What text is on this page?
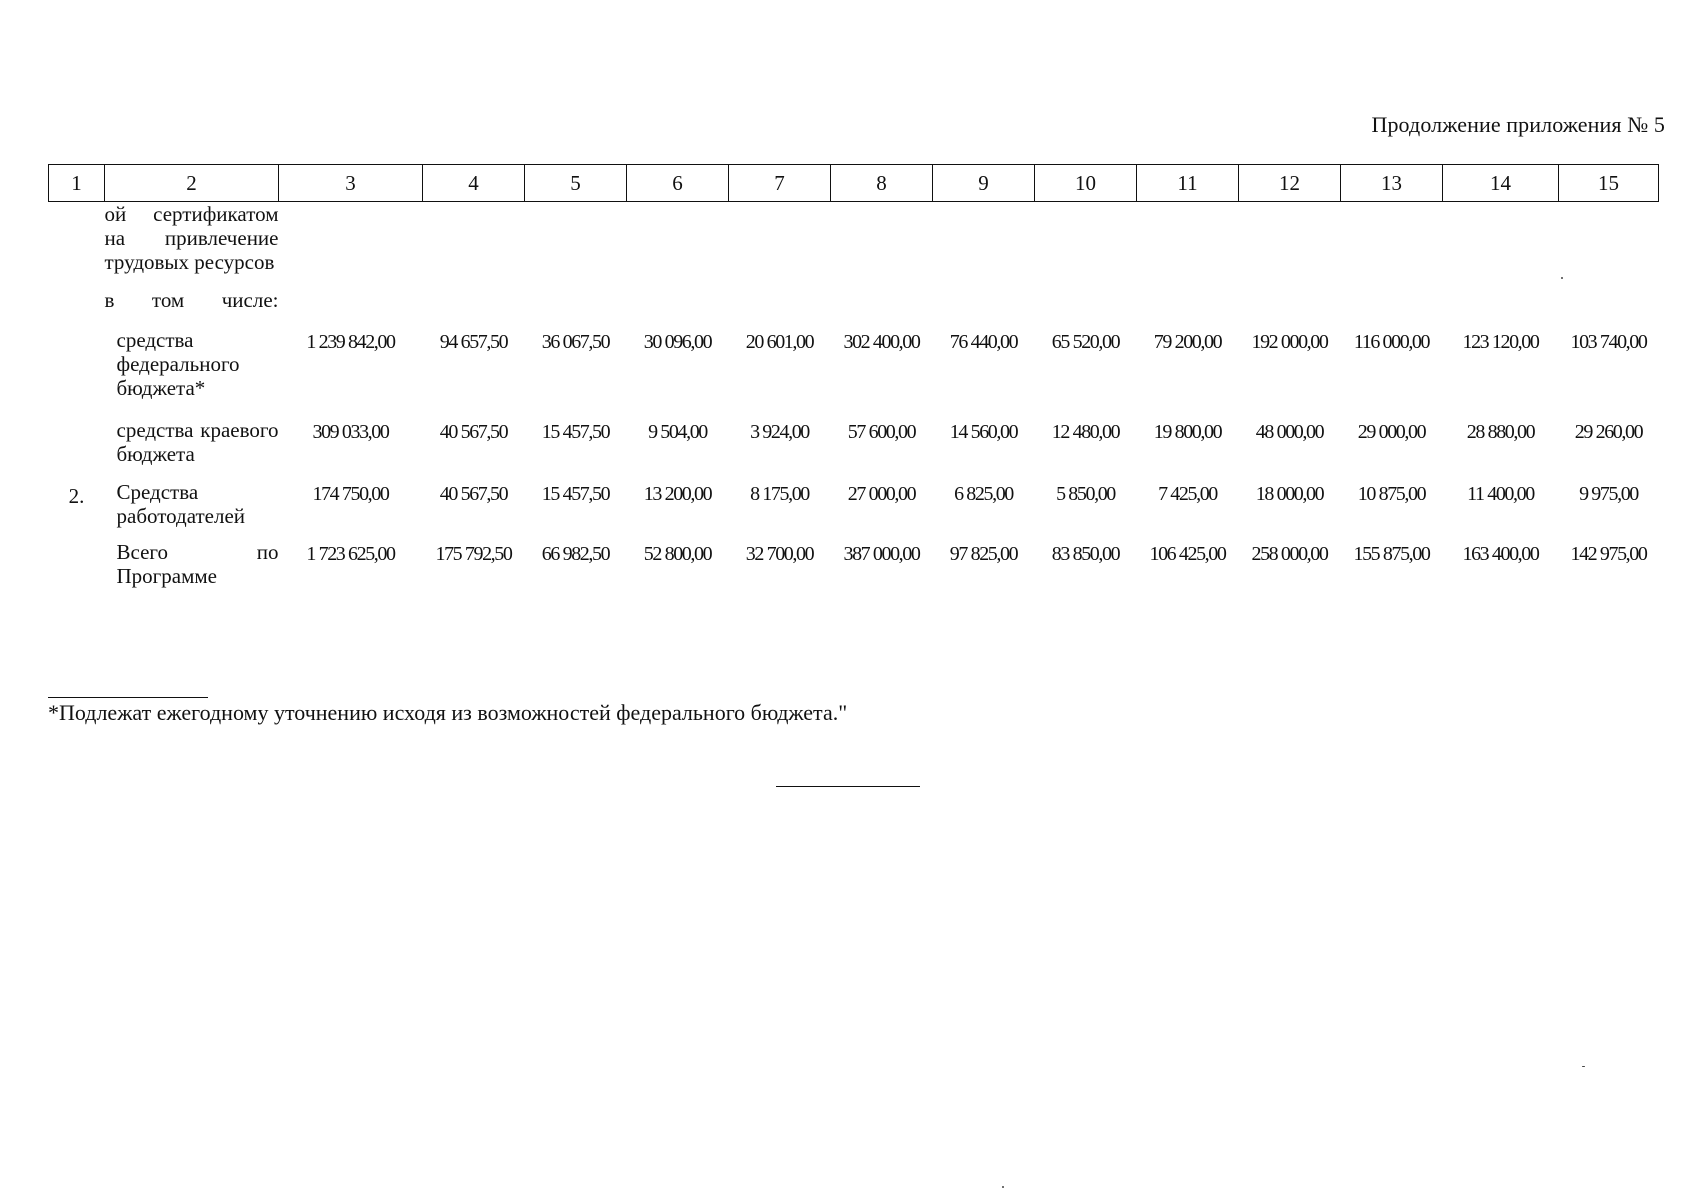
Продолжение приложения № 5
1	2	3	4	5	6	7	8	9	10	11	12	13	14	15

	ой сертификатом на привлечение трудовых ресурсов													

	в том числе:													

	средства федерального бюджета*	1 239 842,00	94 657,50	36 067,50	30 096,00	20 601,00	302 400,00	76 440,00	65 520,00	79 200,00	192 000,00	116 000,00	123 120,00	103 740,00

	средства краевого бюджета	309 033,00	40 567,50	15 457,50	9 504,00	3 924,00	57 600,00	14 560,00	12 480,00	19 800,00	48 000,00	29 000,00	28 880,00	29 260,00
2.	Средства работодателей	174 750,00	40 567,50	15 457,50	13 200,00	8 175,00	27 000,00	6 825,00	5 850,00	7 425,00	18 000,00	10 875,00	11 400,00	9 975,00

	Всего по Программе	1 723 625,00	175 792,50	66 982,50	52 800,00	32 700,00	387 000,00	97 825,00	83 850,00	106 425,00	258 000,00	155 875,00	163 400,00	142 975,00
*Подлежат ежегодному уточнению исходя из возможностей федерального бюджета."
